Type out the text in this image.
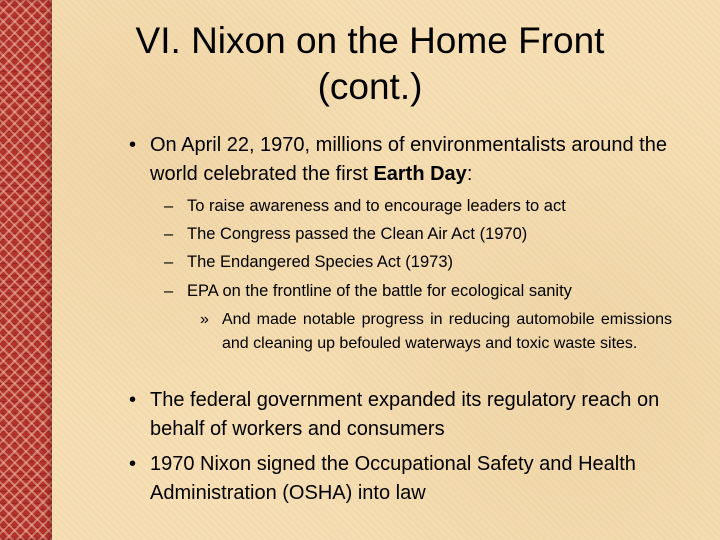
VI. Nixon on the Home Front
(cont.)
• On April 22, 1970, millions of environmentalists around the world celebrated the first Earth Day:
– To raise awareness and to encourage leaders to act
– The Congress passed the Clean Air Act (1970)
– The Endangered Species Act (1973)
– EPA on the frontline of the battle for ecological sanity
» And made notable progress in reducing automobile emissions and cleaning up befouled waterways and toxic waste sites.
• The federal government expanded its regulatory reach on behalf of workers and consumers
• 1970 Nixon signed the Occupational Safety and Health Administration (OSHA) into law
